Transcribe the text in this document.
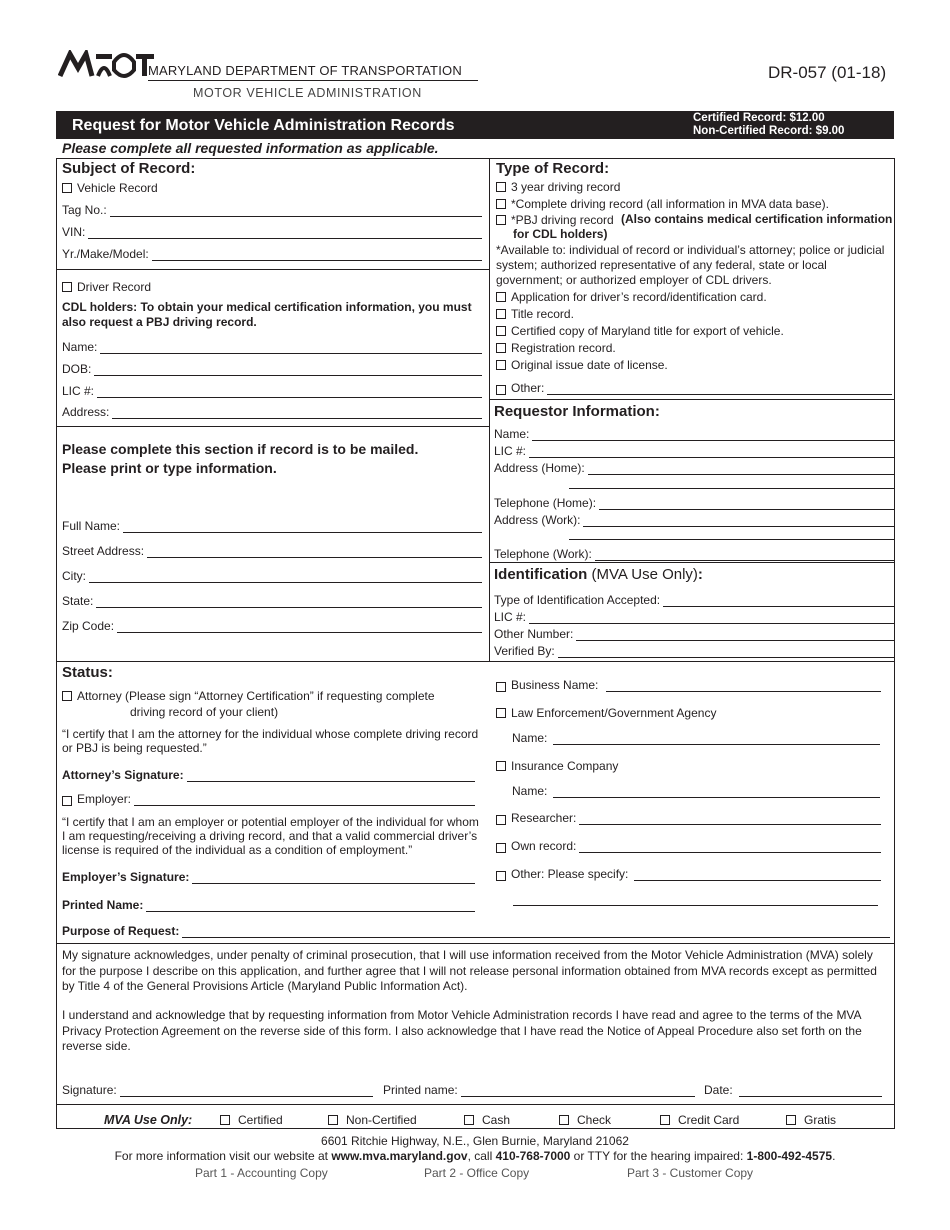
MARYLAND DEPARTMENT OF TRANSPORTATION
MOTOR VEHICLE ADMINISTRATION
DR-057 (01-18)
Request for Motor Vehicle Administration Records	Certified Record: $12.00
Non-Certified Record: $9.00
Please complete all requested information as applicable.
Subject of Record:
Vehicle Record
Tag No.:
VIN:
Yr./Make/Model:
Driver Record
CDL holders: To obtain your medical certification information, you must also request a PBJ driving record.
Name:
DOB:
LIC #:
Address:
Please complete this section if record is to be mailed. Please print or type information.
Full Name:
Street Address:
City:
State:
Zip Code:
Type of Record:
3 year driving record
*Complete driving record (all information in MVA data base).
*PBJ driving record (Also contains medical certification information for CDL holders)
*Available to: individual of record or individual’s attorney; police or judicial system; authorized representative of any federal, state or local government; or authorized employer of CDL drivers.
Application for driver’s record/identification card.
Title record.
Certified copy of Maryland title for export of vehicle.
Registration record.
Original issue date of license.
Other:
Requestor Information:
Name:
LIC #:
Address (Home):
Telephone (Home):
Address (Work):
Telephone (Work):
Identification (MVA Use Only):
Type of Identification Accepted:
LIC #:
Other Number:
Verified By:
Status:
Attorney (Please sign “Attorney Certification” if requesting complete
driving record of your client)
“I certify that I am the attorney for the individual whose complete driving record or PBJ is being requested.”
Attorney’s Signature:
Employer:
“I certify that I am an employer or potential employer of the individual for whom I am requesting/receiving a driving record, and that a valid commercial driver’s license is required of the individual as a condition of employment.”
Employer’s Signature:
Printed Name:
Purpose of Request:
Business Name:
Law Enforcement/Government Agency
Name:
Insurance Company
Name:
Researcher:
Own record:
Other: Please specify:
My signature acknowledges, under penalty of criminal prosecution, that I will use information received from the Motor Vehicle Administration (MVA) solely for the purpose I describe on this application, and further agree that I will not release personal information obtained from MVA records except as permitted by Title 4 of the General Provisions Article (Maryland Public Information Act).
I understand and acknowledge that by requesting information from Motor Vehicle Administration records I have read and agree to the terms of the MVA Privacy Protection Agreement on the reverse side of this form. I also acknowledge that I have read the Notice of Appeal Procedure also set forth on the reverse side.
Signature:	Printed name:	Date:
MVA Use Only:	Certified	Non-Certified	Cash	Check	Credit Card	Gratis
6601 Ritchie Highway, N.E., Glen Burnie, Maryland 21062
For more information visit our website at www.mva.maryland.gov, call 410-768-7000 or TTY for the hearing impaired: 1-800-492-4575.
Part 1 - Accounting Copy	Part 2 - Office Copy	Part 3 - Customer Copy
